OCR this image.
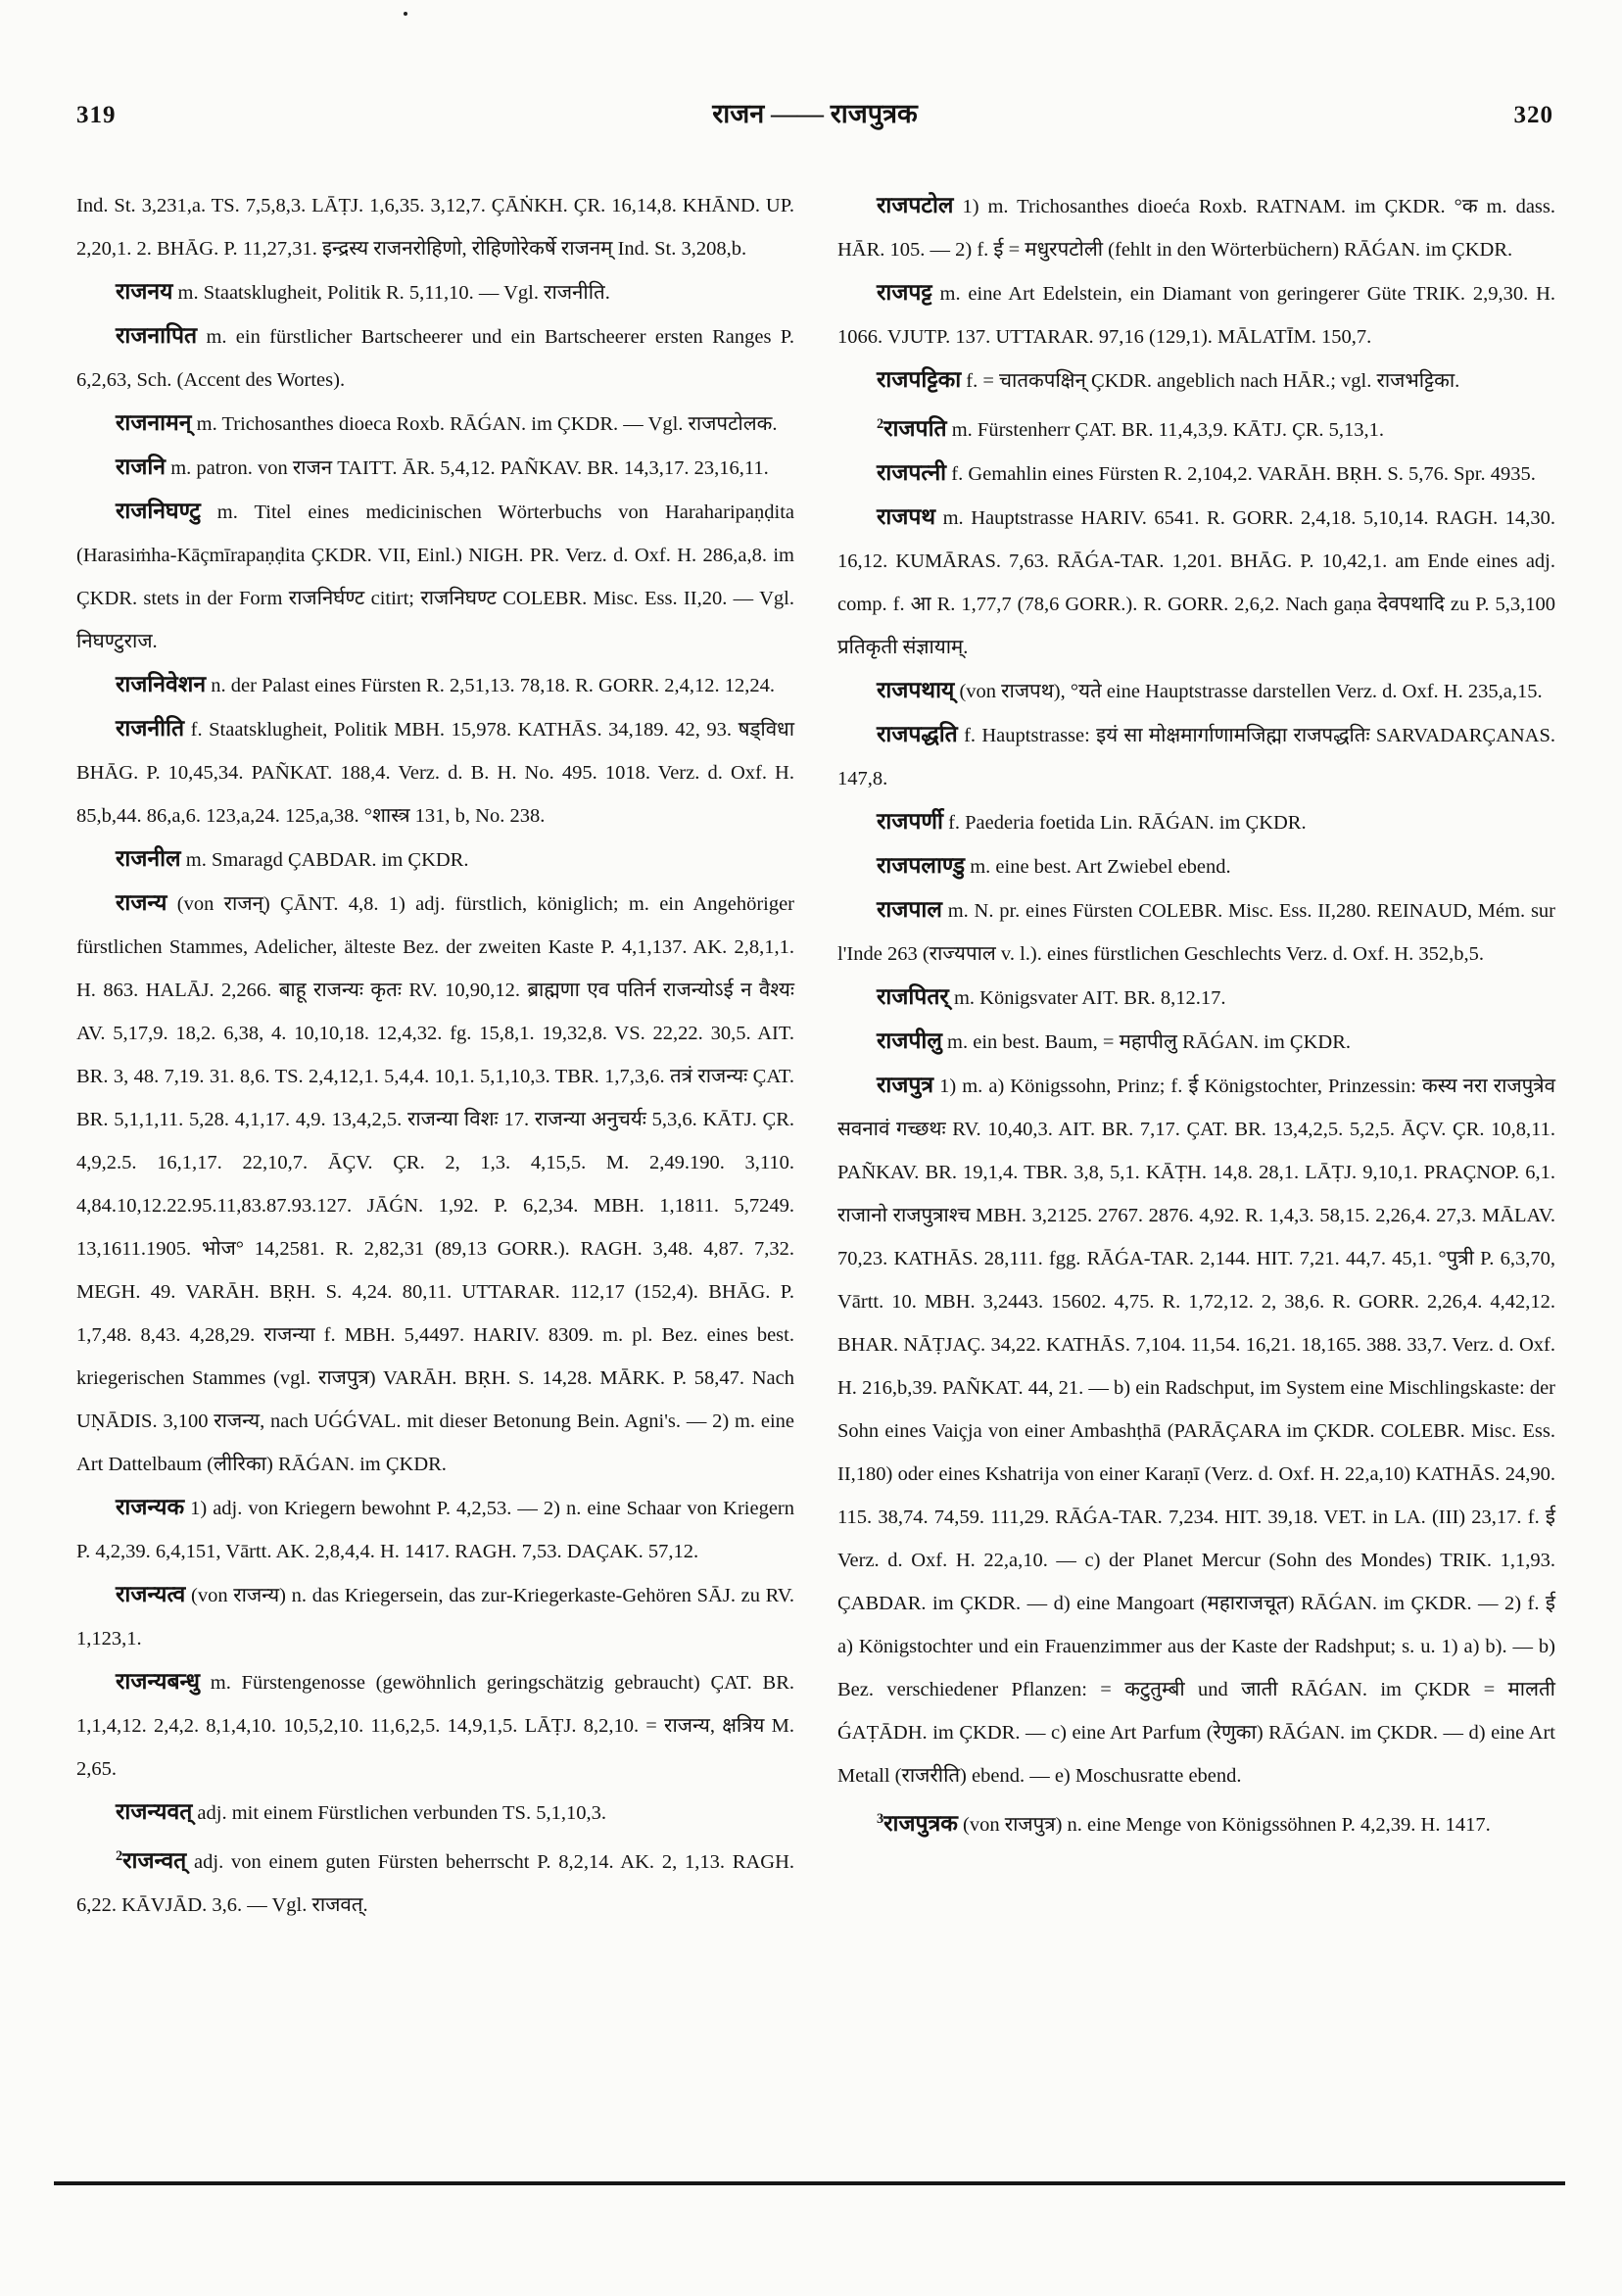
319	राजन —— राजपुत्रक	320

Ind. St. 3,231,a. TS. 7,5,8,3. LĀṬJ. 1,6,35. 3,12,7. ÇĀṄKH. ÇR. 16,14,8. KHĀND. UP. 2,20,1. 2. BHĀG. P. 11,27,31. इन्द्रस्य राजनरोहिणो, रोहिणोरेकर्षे राजनम् Ind. St. 3,208,b.

राजनय m. Staatsklugheit, Politik R. 5,11,10. — Vgl. राजनीति.

राजनापित m. ein fürstlicher Bartscheerer und ein Bartscheerer ersten Ranges P. 6,2,63, Sch. (Accent des Wortes).

राजनामन् m. Trichosanthes dioeca Roxb. RĀǴAN. im ÇKDR. — Vgl. राजपटोलक.

राजनि m. patron. von राजन TAITT. ĀR. 5,4,12. PAÑKAV. BR. 14,3,17. 23,16,11.

राजनिघण्टु m. Titel eines medicinischen Wörterbuchs von Haraharipaṇḍita (Harasiṁha-Kāçmīrapaṇḍita ÇKDR. VII, Einl.) NIGH. PR. Verz. d. Oxf. H. 286,a,8. im ÇKDR. stets in der Form राजनिर्घण्ट citirt; राजनिघण्ट COLEBR. Misc. Ess. II,20. — Vgl. निघण्टुराज.

राजनिवेशन n. der Palast eines Fürsten R. 2,51,13. 78,18. R. GORR. 2,4,12. 12,24.

राजनीति f. Staatsklugheit, Politik MBH. 15,978. KATHĀS. 34,189. 42, 93. षड्विधा BHĀG. P. 10,45,34. PAÑKAT. 188,4. Verz. d. B. H. No. 495. 1018. Verz. d. Oxf. H. 85,b,44. 86,a,6. 123,a,24. 125,a,38. °शास्त्र 131, b, No. 238.

राजनील m. Smaragd ÇABDAR. im ÇKDR.

राजन्य (von राजन्) ÇĀNT. 4,8. 1) adj. fürstlich, königlich; m. ein Angehöriger fürstlichen Stammes, Adelicher, älteste Bez. der zweiten Kaste P. 4,1,137. AK. 2,8,1,1. H. 863. HALĀJ. 2,266. बाहू राजन्यः कृतः RV. 10,90,12. ब्राह्मणा एव पतिर्न राजन्योऽई न वैश्यः AV. 5,17,9. 18,2. 6,38, 4. 10,10,18. 12,4,32. fg. 15,8,1. 19,32,8. VS. 22,22. 30,5. AIT. BR. 3, 48. 7,19. 31. 8,6. TS. 2,4,12,1. 5,4,4. 10,1. 5,1,10,3. TBR. 1,7,3,6. तत्रं राजन्यः ÇAT. BR. 5,1,1,11. 5,28. 4,1,17. 4,9. 13,4,2,5. राजन्या विशः 17. राजन्या अनुचर्यः 5,3,6. KĀTJ. ÇR. 4,9,2.5. 16,1,17. 22,10,7. ĀÇV. ÇR. 2, 1,3. 4,15,5. M. 2,49.190. 3,110. 4,84.10,12.22.95.11,83.87.93.127. JĀǴN. 1,92. P. 6,2,34. MBH. 1,1811. 5,7249. 13,1611.1905. भोज° 14,2581. R. 2,82,31 (89,13 GORR.). RAGH. 3,48. 4,87. 7,32. MEGH. 49. VARĀH. BṚH. S. 4,24. 80,11. UTTARAR. 112,17 (152,4). BHĀG. P. 1,7,48. 8,43. 4,28,29. राजन्या f. MBH. 5,4497. HARIV. 8309. m. pl. Bez. eines best. kriegerischen Stammes (vgl. राजपुत्र) VARĀH. BṚH. S. 14,28. MĀRK. P. 58,47. Nach UṆĀDIS. 3,100 राजन्य, nach UǴǴVAL. mit dieser Betonung Bein. Agni's. — 2) m. eine Art Dattelbaum (लीरिका) RĀǴAN. im ÇKDR.

राजन्यक 1) adj. von Kriegern bewohnt P. 4,2,53. — 2) n. eine Schaar von Kriegern P. 4,2,39. 6,4,151, Vārtt. AK. 2,8,4,4. H. 1417. RAGH. 7,53. DAÇAK. 57,12.

राजन्यत्व (von राजन्य) n. das Kriegersein, das zur-Kriegerkaste-Gehören SĀJ. zu RV. 1,123,1.

राजन्यबन्धु m. Fürstengenosse (gewöhnlich geringschätzig gebraucht) ÇAT. BR. 1,1,4,12. 2,4,2. 8,1,4,10. 10,5,2,10. 11,6,2,5. 14,9,1,5. LĀṬJ. 8,2,10. = राजन्य, क्षत्रिय M. 2,65.

राजन्यवत् adj. mit einem Fürstlichen verbunden TS. 5,1,10,3.

$^2$राजन्वत् adj. von einem guten Fürsten beherrscht P. 8,2,14. AK. 2, 1,13. RAGH. 6,22. KĀVJĀD. 3,6. — Vgl. राजवत्.

राजपटोल 1) m. Trichosanthes dioeća Roxb. RATNAM. im ÇKDR. °क m. dass. HĀR. 105. — 2) f. ई = मधुरपटोली (fehlt in den Wörterbüchern) RĀǴAN. im ÇKDR.

राजपट्ट m. eine Art Edelstein, ein Diamant von geringerer Güte TRIK. 2,9,30. H. 1066. VJUTP. 137. UTTARAR. 97,16 (129,1). MĀLATĪM. 150,7.

राजपट्टिका f. = चातकपक्षिन् ÇKDR. angeblich nach HĀR.; vgl. राजभट्टिका.

$^2$राजपति m. Fürstenherr ÇAT. BR. 11,4,3,9. KĀTJ. ÇR. 5,13,1.

राजपत्नी f. Gemahlin eines Fürsten R. 2,104,2. VARĀH. BṚH. S. 5,76. Spr. 4935.

राजपथ m. Hauptstrasse HARIV. 6541. R. GORR. 2,4,18. 5,10,14. RAGH. 14,30. 16,12. KUMĀRAS. 7,63. RĀǴA-TAR. 1,201. BHĀG. P. 10,42,1. am Ende eines adj. comp. f. आ R. 1,77,7 (78,6 GORR.). R. GORR. 2,6,2. Nach gaṇa देवपथादि zu P. 5,3,100 प्रतिकृती संज्ञायाम्.

राजपथाय् (von राजपथ), °यते eine Hauptstrasse darstellen Verz. d. Oxf. H. 235,a,15.

राजपद्धति f. Hauptstrasse: इयं सा मोक्षमार्गाणामजिह्मा राजपद्धतिः SARVADARÇANAS. 147,8.

राजपर्णी f. Paederia foetida Lin. RĀǴAN. im ÇKDR.

राजपलाण्डु m. eine best. Art Zwiebel ebend.

राजपाल m. N. pr. eines Fürsten COLEBR. Misc. Ess. II,280. REINAUD, Mém. sur l'Inde 263 (राज्यपाल v. l.). eines fürstlichen Geschlechts Verz. d. Oxf. H. 352,b,5.

राजपितर् m. Königsvater AIT. BR. 8,12.17.

राजपीलु m. ein best. Baum, = महापीलु RĀǴAN. im ÇKDR.

राजपुत्र 1) m. a) Königssohn, Prinz; f. ई Königstochter, Prinzessin: कस्य नरा राजपुत्रेव सवनावं गच्छथः RV. 10,40,3. AIT. BR. 7,17. ÇAT. BR. 13,4,2,5. 5,2,5. ĀÇV. ÇR. 10,8,11. PAÑKAV. BR. 19,1,4. TBR. 3,8, 5,1. KĀṬH. 14,8. 28,1. LĀṬJ. 9,10,1. PRAÇNOP. 6,1. राजानो राजपुत्राश्च MBH. 3,2125. 2767. 2876. 4,92. R. 1,4,3. 58,15. 2,26,4. 27,3. MĀLAV. 70,23. KATHĀS. 28,111. fgg. RĀǴA-TAR. 2,144. HIT. 7,21. 44,7. 45,1. °पुत्री P. 6,3,70, Vārtt. 10. MBH. 3,2443. 15602. 4,75. R. 1,72,12. 2, 38,6. R. GORR. 2,26,4. 4,42,12. BHAR. NĀṬJAÇ. 34,22. KATHĀS. 7,104. 11,54. 16,21. 18,165. 388. 33,7. Verz. d. Oxf. H. 216,b,39. PAÑKAT. 44, 21. — b) ein Radschput, im System eine Mischlingskaste: der Sohn eines Vaiçja von einer Ambashṭhā (PARĀÇARA im ÇKDR. COLEBR. Misc. Ess. II,180) oder eines Kshatrija von einer Karaṇī (Verz. d. Oxf. H. 22,a,10) KATHĀS. 24,90. 115. 38,74. 74,59. 111,29. RĀǴA-TAR. 7,234. HIT. 39,18. VET. in LA. (III) 23,17. f. ई Verz. d. Oxf. H. 22,a,10. — c) der Planet Mercur (Sohn des Mondes) TRIK. 1,1,93. ÇABDAR. im ÇKDR. — d) eine Mangoart (महाराजचूत) RĀǴAN. im ÇKDR. — 2) f. ई a) Königstochter und ein Frauenzimmer aus der Kaste der Radshput; s. u. 1) a) b). — b) Bez. verschiedener Pflanzen: = कटुतुम्बी und जाती RĀǴAN. im ÇKDR = मालती ǴAṬĀDH. im ÇKDR. — c) eine Art Parfum (रेणुका) RĀǴAN. im ÇKDR. — d) eine Art Metall (राजरीति) ebend. — e) Moschusratte ebend.

$^3$राजपुत्रक (von राजपुत्र) n. eine Menge von Königssöhnen P. 4,2,39. H. 1417.
